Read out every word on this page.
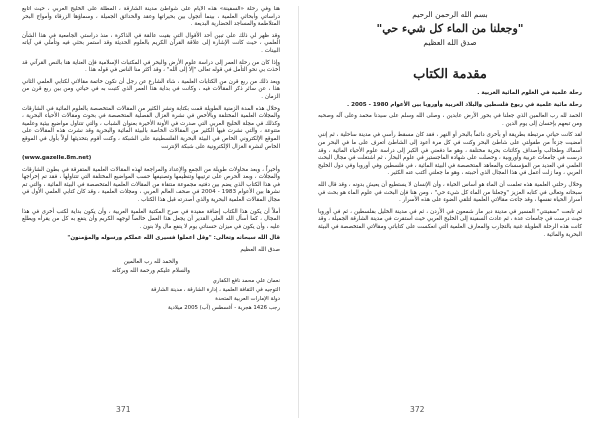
هنا وفي رحلة «السفينة» هذه الأيام على شواطئ مدينة الشارقة ، المطلة على الخليج العربي ، حيث أتابع دراساتي وأبحاثي العلمية ، بينما أتجول بين بحيراتها وعقد والحدائق الجميلة ، وسماؤها الزرقاء وأمواج البحر المتلاطمة والمساجد الحضارية البديعة .

وقد ظهر لي ذلك على تبين أحد الأقوال التي بقيت عالقة في الذاكرة ، منذ دراستي الجامعية في هذا الشأن العلمي ، حيث كانت الإشارة إلى علاقة القرآن الكريم بالعلوم الحديثة وقد استمر بحثي فيه وتأملي في آياته البينات .

وإذا كان من رحلة العمر إلى دراسة علوم الأرض والبحر في المكتبات الإسلامية فإن العناية هنا بالنص القرآني قد أخذت بي نحو التأمل في قوله تعالى "إلا إلى الله" ، وقد أكثر منا الناس في قوله هذا .

ويعد ذلك من ربع قرن من الكتابات العلمية ، شاء الشارع عن رجل أن نكون خاتمة مقالاتي لكتابي العلمي الثاني هذا ، عن سائر ذكر المقالات فيه ، وكانت في بداية هذا العمر الذي كتبت به في حياتي ومن بين ربع قرن من الزمان .

وخلال هذه المدة الزمنية الطويلة قمت بكتابة ونشر الكثير من المقالات المتخصصة بالعلوم المائية في الشارقات والمجلات العلمية المختلفة وبالأخص في نشرة الغزال الفصلية المتخصصة في بحوث ومقالات الأحياء البحرية ، وكذلك في مجلة الخليج العربي التي صدرت في الأونة الأخيرة بعنوان الشباب ، والتي تتناول مواضيع بيئية وعلمية متنوعة ، والتي نشرت فيها الكثير من المقالات الخاصة بالبيئة المائية والبحرية وقد نشرت هذه المقالات على الموقع الإلكتروني الخاص في البيئة البحرية الفلسطينية على الشبكة ، وكنت أقوم بتحديثها أولاً بأول في الموقع الخاص لنشرة الغزال الإلكترونية على شبكة الإنترنت

(www.gazelle.8m.net)

وأخيراً ، وبعد محاولات طويلة من الجمع والإعداد والمراجعة لهذه المقالات العلمية المتفرقة في بطون الشارقات والمجلات ، وبعد الحرص على ترتيبها وتنظيمها وتصنيفها حسب المواضيع المختلفة التي تتناولها ، فقد تم إخراجها في هذا الكتاب الذي يضم بين دفتيه مجموعة منتقاة من المقالات العلمية المتخصصة في البيئة المائية ، والتي تم نشرها بين الأعوام 1983 - 2004 في صحف العالم العربي ، ومجلات العلمية ، وقد كان كتابي العلمي الأول في مجال المقالات العلمية البحرية والذي أصدرته قبل هذا الكتاب .

أملاً أن يكون هذا الكتاب إضافة مفيدة في صرح المكتبة العلمية العربية ، وأن يكون بداية لكتب أخرى في هذا المجال ، كما أسأل الله العلي القدير أن يجعل هذا العمل خالصاً لوجهه الكريم وأن ينفع به كل من يقرأه ويطلع عليه ، وأن يكون في ميزان حسناتي يوم لا ينفع مال ولا بنون .

قال الله سبحانه وتعالى: "وقل اعملوا فسيرى الله عملكم ورسوله والمؤمنون"

صدق الله العظيم

والحمد لله رب العالمين

والسلام عليكم ورحمة الله وبركاته

نعمان علي محمد نافع الكفاري

التوجيه في الثقافة العلمية ، إدارة الشارقة ، مدينة الشارقة

دولة الإمارات العربية المتحدة

رجب 1426 هجرية - أغسطس (آب) 2005 ميلادية

371
بسم الله الرحمن الرحيم
"وجعلنا من الماء كل شيء حي"
صدق الله العظيم
مقدمة الكتاب

رحلة علمية في العلوم المائية العربية .

رحلة مائية علمية في ربوع فلسطين والبلاد العربية وأوروبا بين الأعوام 1980 - 2005 .

الحمد لله رب العالمين الذي جعلنا في بحور الأرض عابدين ، وصلى الله وسلم على سيدنا محمد وعلى آله وصحبه ومن تبعهم بإحسان إلى يوم الدين .

لقد كانت حياتي مرتبطة بطريقة أو بأخرى دائماً بالبحر أو النهر ، فقد كان مسقط رأسي في مدينة ساحلية ، ثم إنني أمضيت جزءاً من طفولتي على شاطئ البحر وكنت في كل مرة أعود إلى الشاطئ أتعرف على ما في البحر من أسماك وطحالب وأصداف وكائنات بحرية مختلفة ، وهو ما دفعني في الكبر إلى دراسة علوم الأحياء المائية ، وقد درست في جامعات عربية وأوروبية ، وحصلت على شهادة الماجستير في علوم البحار ، ثم اشتغلت في مجال البحث العلمي في العديد من المؤسسات والمعاهد المتخصصة في البيئة المائية ، في فلسطين وفي أوروبا وفي دول الخليج العربي ، وما زلت أعمل في هذا المجال الذي أحببته ، وهو ما جعلني أكتب عنه الكثير .

وخلال رحلتي العلمية هذه تعلمت أن الماء هو أساس الحياة ، وأن الإنسان لا يستطيع أن يعيش بدونه ، وقد قال الله سبحانه وتعالى في كتابه العزيز "وجعلنا من الماء كل شيء حي" ، ومن هنا فإن البحث في علوم الماء هو بحث في أسرار الحياة نفسها ، وقد جاءت مقالاتي العلمية لتلقي الضوء على هذه الأسرار .

ثم تابعت "سفينتي" المسير في مدينة دير مار شمعون في الأردن ، ثم في مدينة الخليل بفلسطين ، ثم في أوروبا حيث درست في جامعات عدة ، ثم عادت السفينة إلى الخليج العربي حيث استقرت في مدينة الشارقة الجميلة ، وقد كانت هذه الرحلة الطويلة غنية بالتجارب والمعارف العلمية التي انعكست على كتاباتي ومقالاتي المتخصصة في البيئة البحرية والمائية .

372
